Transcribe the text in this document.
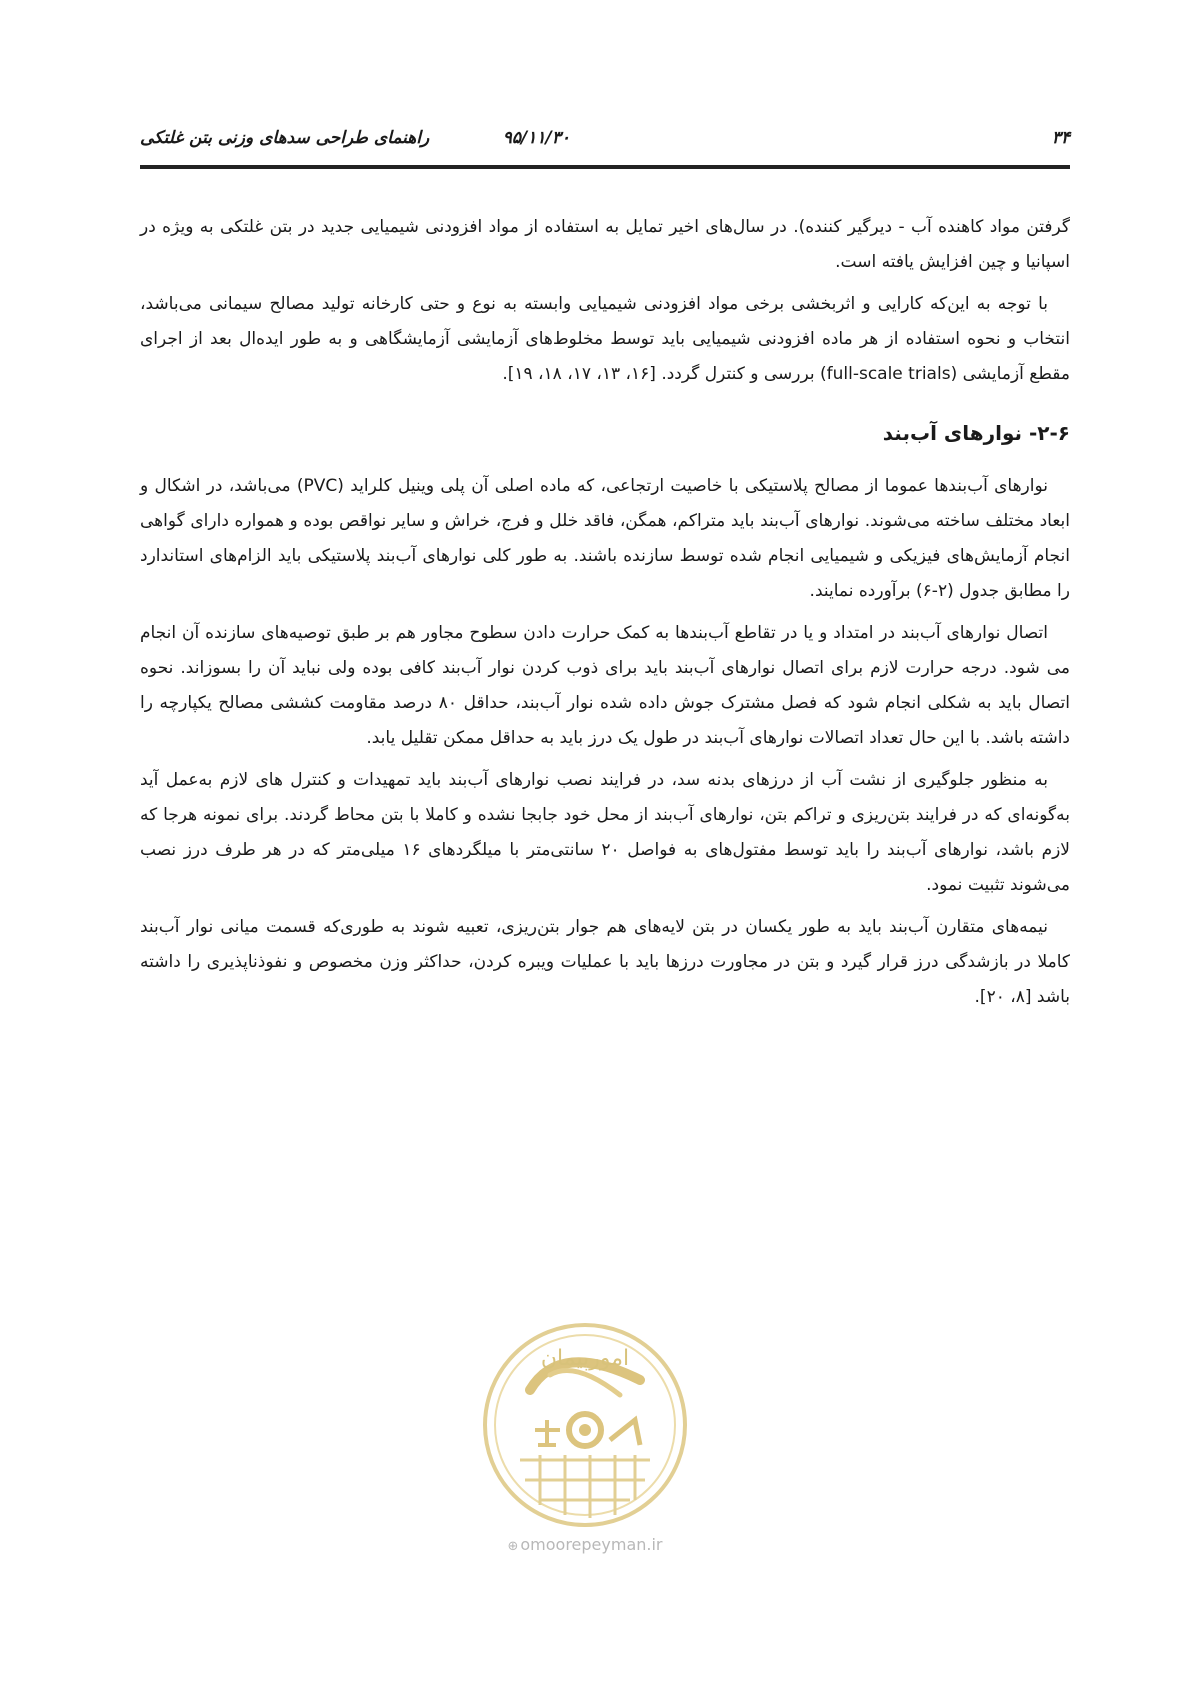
۳۴
۹۵/۱۱/۳۰
راهنمای طراحی سدهای وزنی بتن غلتکی

گرفتن مواد کاهنده آب - دیرگیر کننده). در سال‌های اخیر تمایل به استفاده از مواد افزودنی شیمیایی جدید در بتن غلتکی به ویژه در اسپانیا و چین افزایش یافته است.

با توجه به این‌که کارایی و اثربخشی برخی مواد افزودنی شیمیایی وابسته به نوع و حتی کارخانه تولید مصالح سیمانی می‌باشد، انتخاب و نحوه استفاده از هر ماده افزودنی شیمیایی باید توسط مخلوط‌های آزمایشی آزمایشگاهی و به طور ایده‌ال بعد از اجرای مقطع آزمایشی (full-scale trials) بررسی و کنترل گردد. [۱۶، ۱۳، ۱۷، ۱۸، ۱۹].

۲-۶- نوارهای آب‌بند

نوارهای آب‌بندها عموما از مصالح پلاستیکی با خاصیت ارتجاعی، که ماده اصلی آن پلی وینیل کلراید (PVC) می‌باشد، در اشکال و ابعاد مختلف ساخته می‌شوند. نوارهای آب‌بند باید متراکم، همگن، فاقد خلل و فرج، خراش و سایر نواقص بوده و همواره دارای گواهی انجام آزمایش‌های فیزیکی و شیمیایی انجام شده توسط سازنده باشند. به طور کلی نوارهای آب‌بند پلاستیکی باید الزام‌های استاندارد را مطابق جدول (۲-۶) برآورده نمایند.

اتصال نوارهای آب‌بند در امتداد و یا در تقاطع آب‌بندها به کمک حرارت دادن سطوح مجاور هم بر طبق توصیه‌های سازنده آن انجام می شود. درجه حرارت لازم برای اتصال نوارهای آب‌بند باید برای ذوب کردن نوار آب‌بند کافی بوده ولی نباید آن را بسوزاند. نحوه اتصال باید به شکلی انجام شود که فصل مشترک جوش داده شده نوار آب‌بند، حداقل ۸۰ درصد مقاومت کششی مصالح یکپارچه را داشته باشد. با این حال تعداد اتصالات نوارهای آب‌بند در طول یک درز باید به حداقل ممکن تقلیل یابد.

به منظور جلوگیری از نشت آب از درزهای بدنه سد، در فرایند نصب نوارهای آب‌بند باید تمهیدات و کنترل های لازم به‌عمل آید به‌گونه‌ای که در فرایند بتن‌ریزی و تراکم بتن، نوارهای آب‌بند از محل خود جابجا نشده و کاملا با بتن محاط گردند. برای نمونه هرجا که لازم باشد، نوارهای آب‌بند را باید توسط مفتول‌های به فواصل ۲۰ سانتی‌متر با میلگردهای ۱۶ میلی‌متر که در هر طرف درز نصب می‌شوند تثبیت نمود.

نیمه‌های متقارن آب‌بند باید به طور یکسان در بتن لایه‌های هم جوار بتن‌ریزی، تعبیه شوند به طوری‌که قسمت میانی نوار آب‌بند کاملا در بازشدگی درز قرار گیرد و بتن در مجاورت درزها باید با عملیات ویبره کردن، حداکثر وزن مخصوص و نفوذناپذیری را داشته باشد [۸، ۲۰].

امورپیمان
⊕ omoorepeyman.ir
